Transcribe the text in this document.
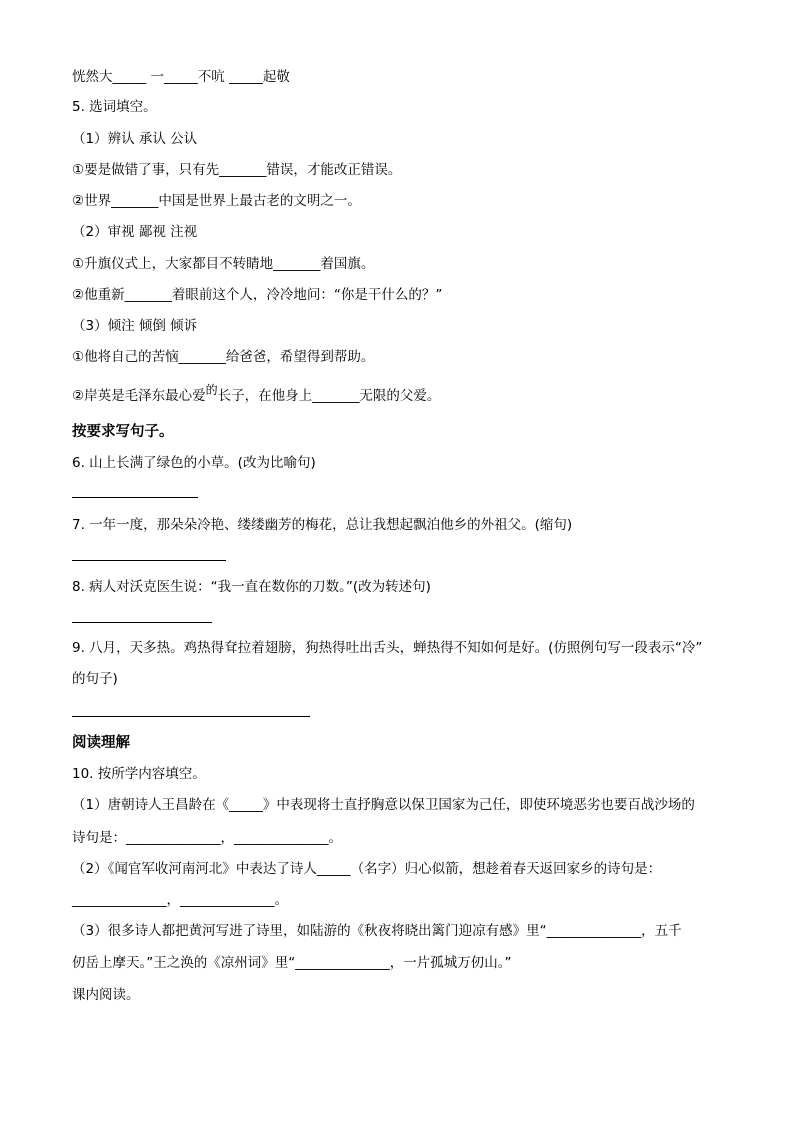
恍然大_____ 一_____不吭 _____起敬
5. 选词填空。
（1）辨认 承认 公认
①要是做错了事，只有先_______错误，才能改正错误。
②世界_______中国是世界上最古老的文明之一。
（2）审视 鄙视 注视
①升旗仪式上，大家都目不转睛地_______着国旗。
②他重新_______着眼前这个人，冷冷地问：“你是干什么的？”
（3）倾注 倾倒 倾诉
①他将自己的苦恼_______给爸爸，希望得到帮助。
②岸英是毛泽东最心爱的长子，在他身上_______无限的父爱。
按要求写句子。
6. 山上长满了绿色的小草。(改为比喻句)
7. 一年一度，那朵朵冷艳、缕缕幽芳的梅花，总让我想起飘泊他乡的外祖父。(缩句)
8. 病人对沃克医生说：“我一直在数你的刀数。”(改为转述句)
9. 八月，天多热。鸡热得耷拉着翅膀，狗热得吐出舌头，蝉热得不知如何是好。(仿照例句写一段表示“冷”
的句子)
阅读理解
10. 按所学内容填空。
（1）唐朝诗人王昌龄在《_____》中表现将士直抒胸意以保卫国家为己任，即使环境恶劣也要百战沙场的
诗句是：______________，______________。
（2）《闻官军收河南河北》中表达了诗人_____（名字）归心似箭，想趁着春天返回家乡的诗句是：
______________，______________。
（3）很多诗人都把黄河写进了诗里，如陆游的《秋夜将晓出篱门迎凉有感》里“______________，五千
仞岳上摩天。”王之涣的《凉州词》里“______________，一片孤城万仞山。”
课内阅读。
